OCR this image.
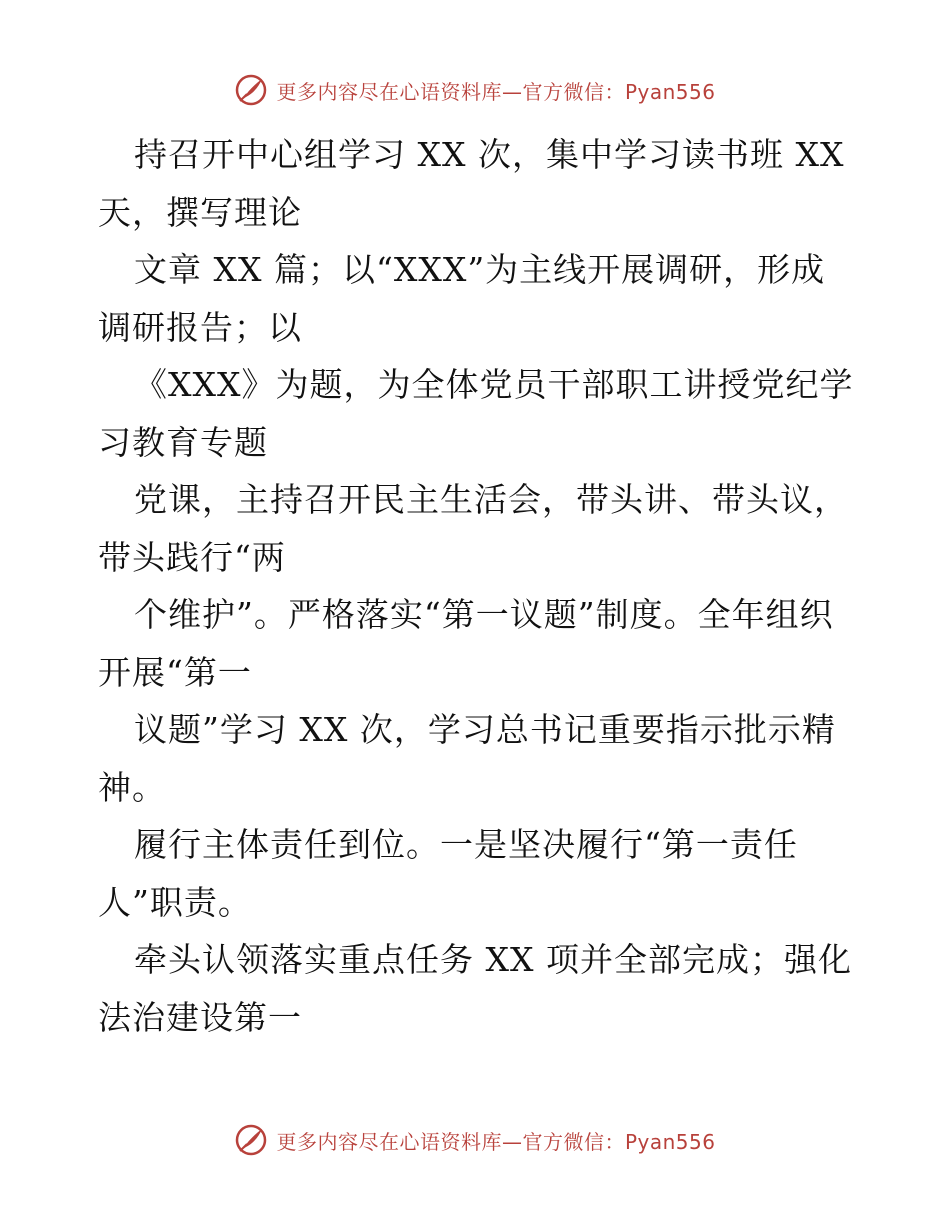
更多内容尽在心语资料库—官方微信：Pyan556

持召开中心组学习 XX 次，集中学习读书班 XX 天，撰写理论

文章 XX 篇；以“XXX”为主线开展调研，形成调研报告；以

《XXX》为题，为全体党员干部职工讲授党纪学习教育专题

党课，主持召开民主生活会，带头讲、带头议，带头践行“两

个维护”。严格落实“第一议题”制度。全年组织开展“第一

议题”学习 XX 次，学习总书记重要指示批示精神。

履行主体责任到位。一是坚决履行“第一责任人”职责。

牵头认领落实重点任务 XX 项并全部完成；强化法治建设第一

更多内容尽在心语资料库—官方微信：Pyan556
